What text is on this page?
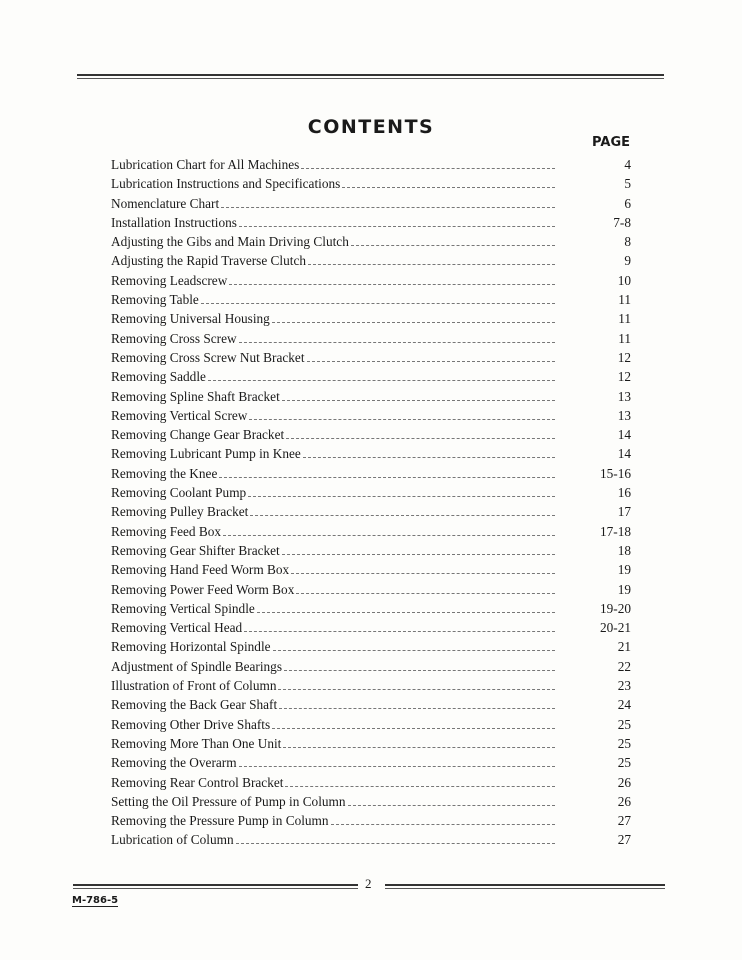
CONTENTS
PAGE
Lubrication Chart for All Machines	4
Lubrication Instructions and Specifications	5
Nomenclature Chart	6
Installation Instructions	7-8
Adjusting the Gibs and Main Driving Clutch	8
Adjusting the Rapid Traverse Clutch	9
Removing Leadscrew	10
Removing Table	11
Removing Universal Housing	11
Removing Cross Screw	11
Removing Cross Screw Nut Bracket	12
Removing Saddle	12
Removing Spline Shaft Bracket	13
Removing Vertical Screw	13
Removing Change Gear Bracket	14
Removing Lubricant Pump in Knee	14
Removing the Knee	15-16
Removing Coolant Pump	16
Removing Pulley Bracket	17
Removing Feed Box	17-18
Removing Gear Shifter Bracket	18
Removing Hand Feed Worm Box	19
Removing Power Feed Worm Box	19
Removing Vertical Spindle	19-20
Removing Vertical Head	20-21
Removing Horizontal Spindle	21
Adjustment of Spindle Bearings	22
Illustration of Front of Column	23
Removing the Back Gear Shaft	24
Removing Other Drive Shafts	25
Removing More Than One Unit	25
Removing the Overarm	25
Removing Rear Control Bracket	26
Setting the Oil Pressure of Pump in Column	26
Removing the Pressure Pump in Column	27
Lubrication of Column	27
2
M-786-5
